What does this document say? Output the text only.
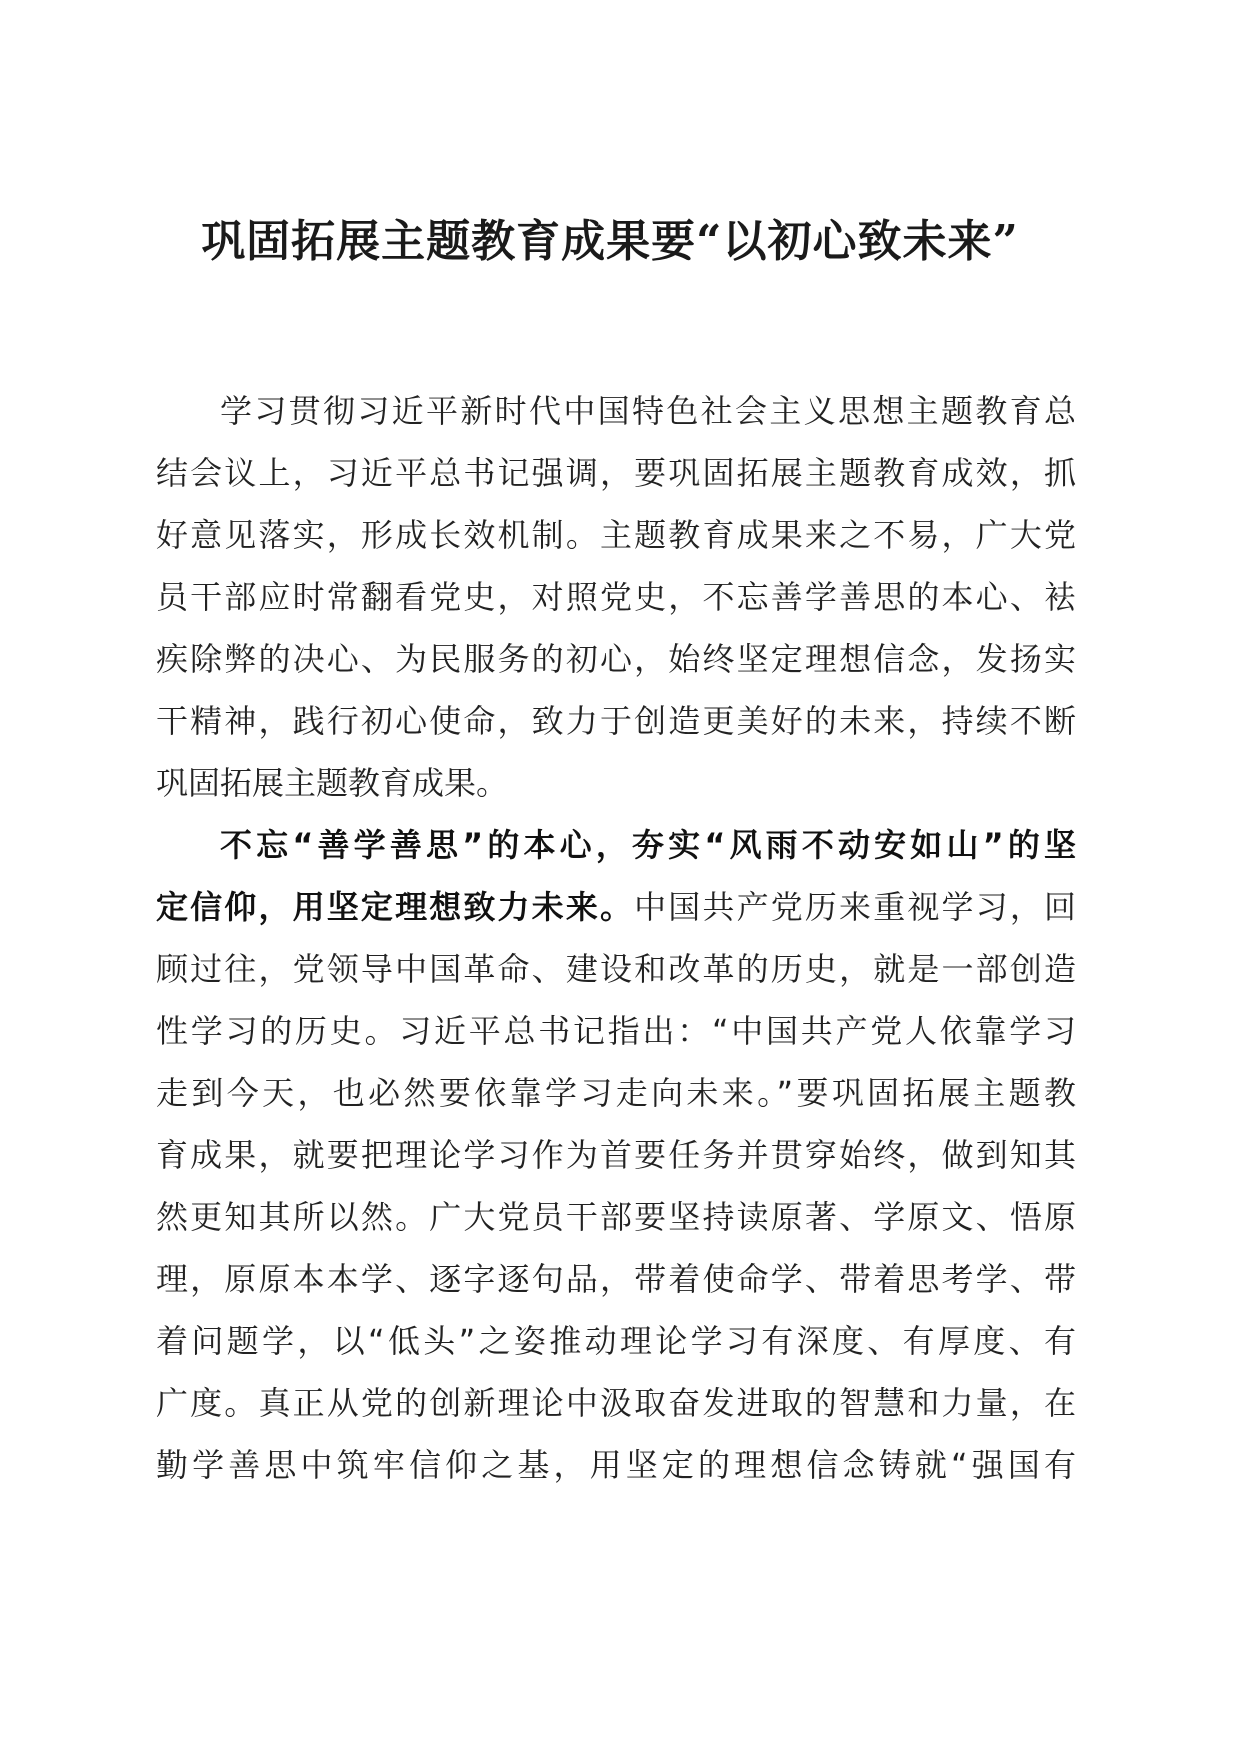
巩固拓展主题教育成果要“以初心致未来”
学习贯彻习近平新时代中国特色社会主义思想主题教育总
结会议上，习近平总书记强调，要巩固拓展主题教育成效，抓
好意见落实，形成长效机制。主题教育成果来之不易，广大党
员干部应时常翻看党史，对照党史，不忘善学善思的本心、袪
疾除弊的决心、为民服务的初心，始终坚定理想信念，发扬实
干精神，践行初心使命，致力于创造更美好的未来，持续不断
巩固拓展主题教育成果。
不忘“善学善思”的本心，夯实“风雨不动安如山”的坚
定信仰，用坚定理想致力未来。中国共产党历来重视学习，回
顾过往，党领导中国革命、建设和改革的历史，就是一部创造
性学习的历史。习近平总书记指出：“中国共产党人依靠学习
走到今天，也必然要依靠学习走向未来。”要巩固拓展主题教
育成果，就要把理论学习作为首要任务并贯穿始终，做到知其
然更知其所以然。广大党员干部要坚持读原著、学原文、悟原
理，原原本本学、逐字逐句品，带着使命学、带着思考学、带
着问题学，以“低头”之姿推动理论学习有深度、有厚度、有
广度。真正从党的创新理论中汲取奋发进取的智慧和力量，在
勤学善思中筑牢信仰之基，用坚定的理想信念铸就“强国有
